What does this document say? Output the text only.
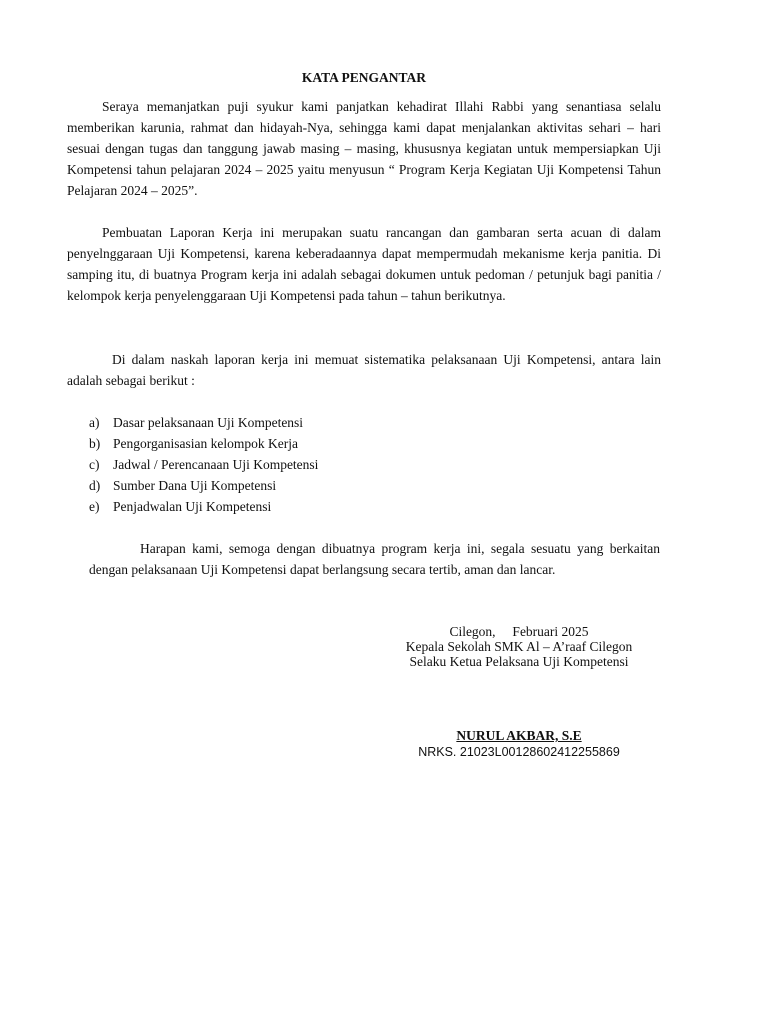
KATA PENGANTAR

Seraya memanjatkan puji syukur kami panjatkan kehadirat Illahi Rabbi yang senantiasa selalu memberikan karunia, rahmat dan hidayah-Nya, sehingga kami dapat menjalankan aktivitas sehari – hari sesuai dengan tugas dan tanggung jawab masing – masing, khususnya kegiatan untuk mempersiapkan Uji Kompetensi tahun pelajaran 2024 – 2025 yaitu menyusun “ Program Kerja Kegiatan Uji Kompetensi Tahun Pelajaran 2024 – 2025”.

Pembuatan Laporan Kerja ini merupakan suatu rancangan dan gambaran serta acuan di dalam penyelnggaraan Uji Kompetensi, karena keberadaannya dapat mempermudah mekanisme kerja panitia. Di samping itu, di buatnya Program kerja ini adalah sebagai dokumen untuk pedoman / petunjuk bagi panitia / kelompok kerja penyelenggaraan Uji Kompetensi pada tahun – tahun berikutnya.

Di dalam naskah laporan kerja ini memuat sistematika pelaksanaan Uji Kompetensi, antara lain adalah sebagai berikut :

a)	Dasar pelaksanaan Uji Kompetensi
b) Pengorganisasian kelompok Kerja
c)	Jadwal / Perencanaan Uji Kompetensi
d) Sumber Dana Uji Kompetensi
e)	Penjadwalan Uji Kompetensi

Harapan kami, semoga dengan dibuatnya program kerja ini, segala sesuatu yang berkaitan dengan pelaksanaan Uji Kompetensi dapat berlangsung secara tertib, aman dan lancar.

Cilegon,     Februari 2025
Kepala Sekolah SMK Al – A’raaf Cilegon
Selaku Ketua Pelaksana Uji Kompetensi
NURUL AKBAR, S.E
NRKS. 21023L00128602412255869
